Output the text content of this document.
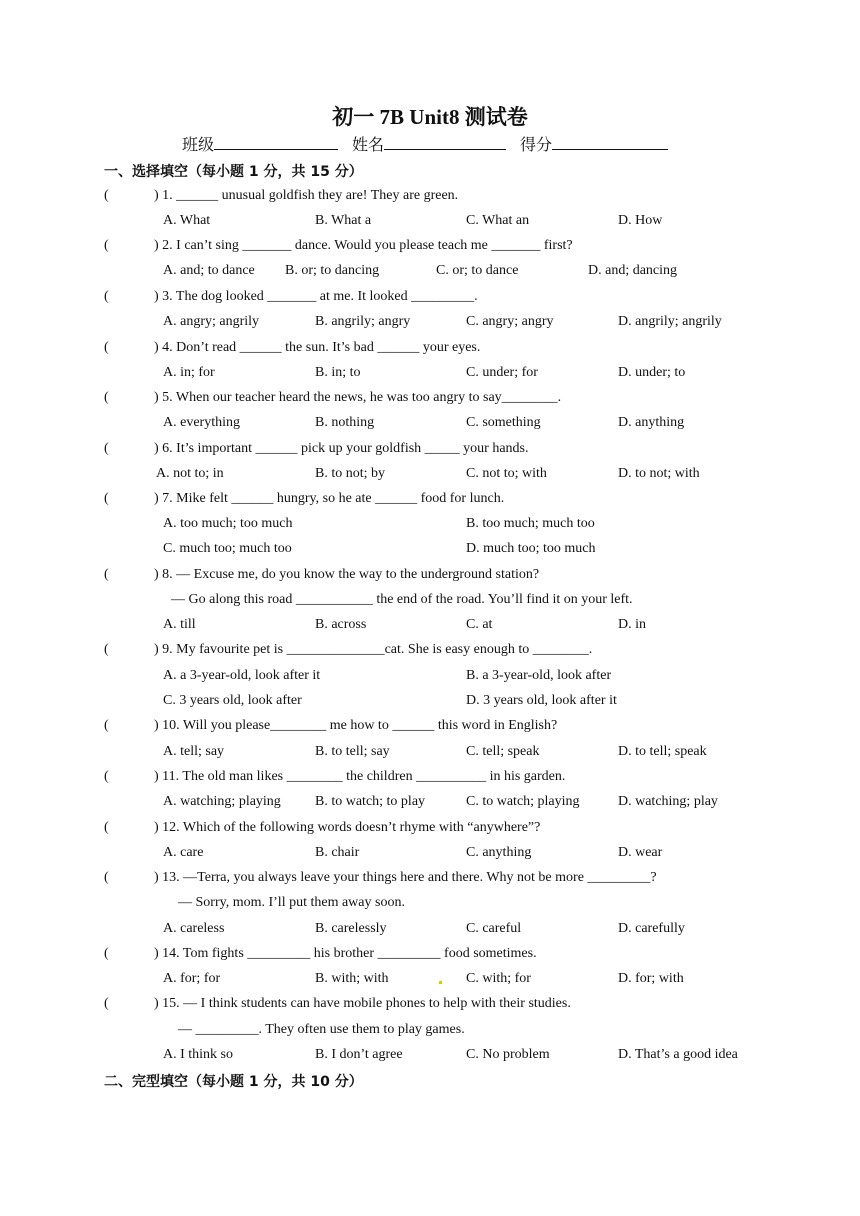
初一 7B Unit8 测试卷
班级	姓名	得分
一、选择填空（每小题 1 分，共 15 分）
(	) 1. ______ unusual goldfish they are! They are green.
A. What	B. What a	C. What an	D. How
(	) 2. I can’t sing _______ dance. Would you please teach me _______ first?
A. and; to dance B. or; to dancing	C. or; to dance	D. and; dancing
(	) 3. The dog looked _______ at me. It looked _________.
A. angry; angrily	B. angrily; angry	C. angry; angry	D. angrily; angrily
(	) 4. Don’t read ______ the sun. It’s bad ______ your eyes.
A. in; for	B. in; to	C. under; for	D. under; to
(	) 5. When our teacher heard the news, he was too angry to say________.
A. everything	B. nothing	C. something	D. anything
(	) 6. It’s important ______ pick up your goldfish _____ your hands.
A. not to; in	B. to not; by	C. not to; with	D. to not; with
(	) 7. Mike felt ______ hungry, so he ate ______ food for lunch.
A. too much; too much	B. too much; much too
C. much too; much too	D. much too; too much
(	) 8. — Excuse me, do you know the way to the underground station?
— Go along this road ___________ the end of the road. You’ll find it on your left.
A. till	B. across	C. at	D. in
(	) 9. My favourite pet is ______________cat. She is easy enough to ________.
A. a 3-year-old, look after it	B. a 3-year-old, look after
C. 3 years old, look after	D. 3 years old, look after it
(	) 10. Will you please________ me how to ______ this word in English?
A. tell; say	B. to tell; say	C. tell; speak	D. to tell; speak
(	) 11. The old man likes ________ the children __________ in his garden.
A. watching; playing B. to watch; to play	C. to watch; playing	D. watching; play
(	) 12. Which of the following words doesn’t rhyme with “anywhere”?
A. care	B. chair	C. anything	D. wear
(	) 13. —Terra, you always leave your things here and there. Why not be more _________?
— Sorry, mom. I’ll put them away soon.
A. careless	B. carelessly	C. careful	D. carefully
(	) 14. Tom fights _________ his brother _________ food sometimes.
A. for; for	B. with; with	C. with; for	D. for; with
(	) 15. — I think students can have mobile phones to help with their studies.
— _________. They often use them to play games.
A. I think so	B. I don’t agree	C. No problem	D. That’s a good idea
二、完型填空（每小题 1 分，共 10 分）
